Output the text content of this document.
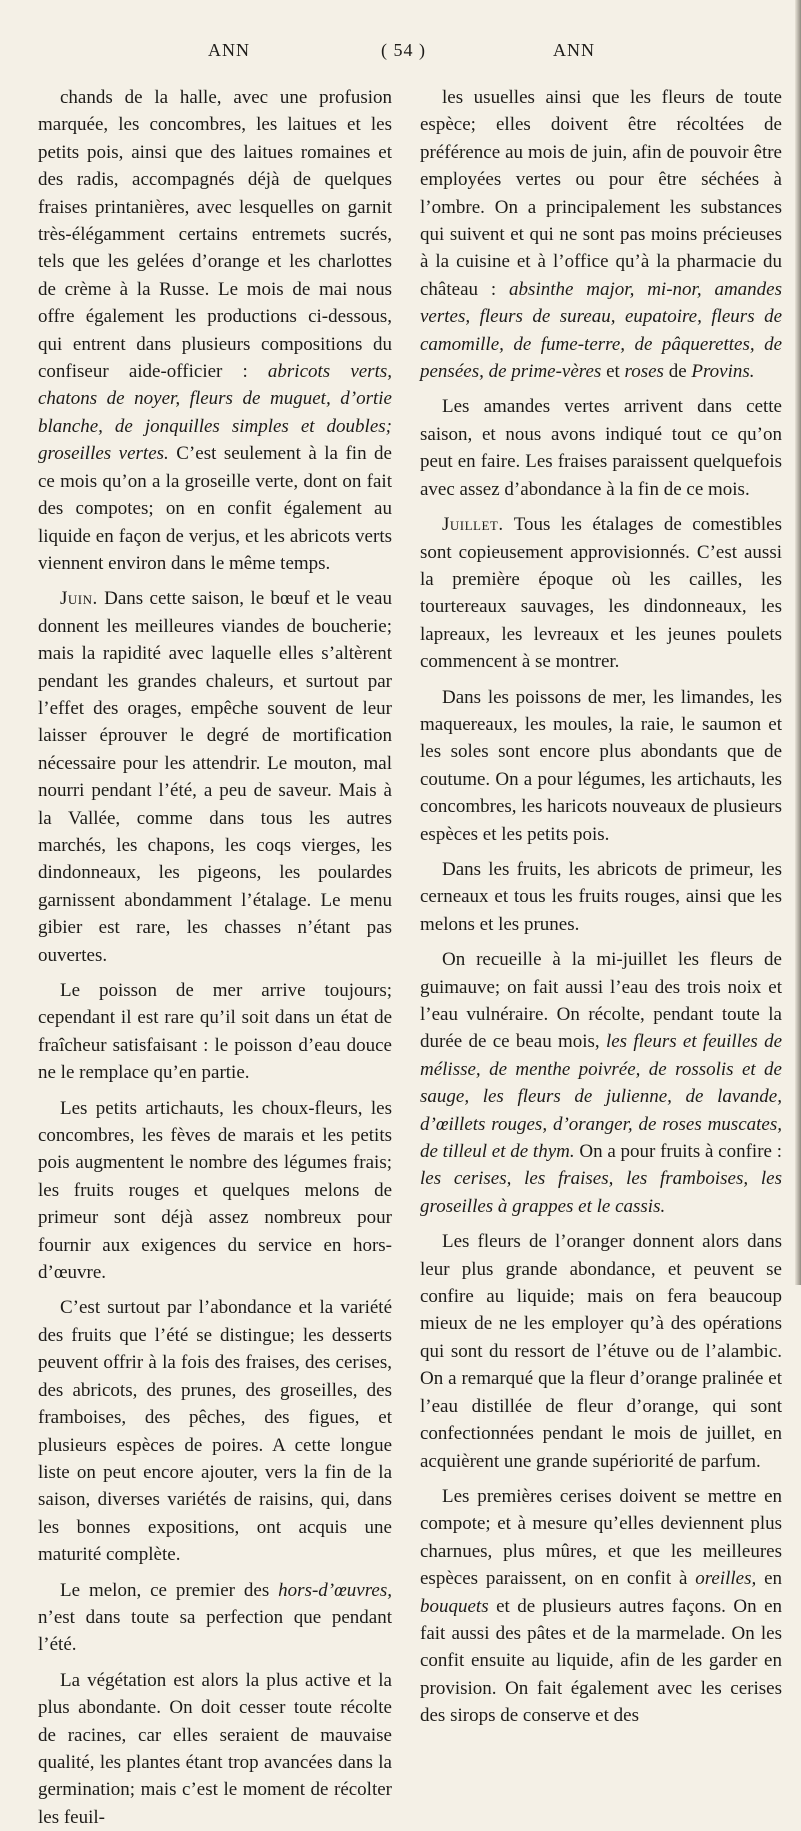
ANN	( 54 )	ANN

chands de la halle, avec une profusion marquée, les concombres, les laitues et les petits pois, ainsi que des laitues romaines et des radis, accompagnés déjà de quelques fraises printanières, avec lesquelles on garnit très-élégamment certains entremets sucrés, tels que les gelées d’orange et les charlottes de crème à la Russe. Le mois de mai nous offre également les productions ci-dessous, qui entrent dans plusieurs compositions du confiseur aide-officier : abricots verts, chatons de noyer, fleurs de muguet, d’ortie blanche, de jonquilles simples et doubles; groseilles vertes. C’est seulement à la fin de ce mois qu’on a la groseille verte, dont on fait des compotes; on en confit également au liquide en façon de verjus, et les abricots verts viennent environ dans le même temps.

Juin. Dans cette saison, le bœuf et le veau donnent les meilleures viandes de boucherie; mais la rapidité avec laquelle elles s’altèrent pendant les grandes chaleurs, et surtout par l’effet des orages, empêche souvent de leur laisser éprouver le degré de mortification nécessaire pour les attendrir. Le mouton, mal nourri pendant l’été, a peu de saveur. Mais à la Vallée, comme dans tous les autres marchés, les chapons, les coqs vierges, les dindonneaux, les pigeons, les poulardes garnissent abondamment l’étalage. Le menu gibier est rare, les chasses n’étant pas ouvertes.

Le poisson de mer arrive toujours; cependant il est rare qu’il soit dans un état de fraîcheur satisfaisant : le poisson d’eau douce ne le remplace qu’en partie.

Les petits artichauts, les choux-fleurs, les concombres, les fèves de marais et les petits pois augmentent le nombre des légumes frais; les fruits rouges et quelques melons de primeur sont déjà assez nombreux pour fournir aux exigences du service en hors-d’œuvre.

C’est surtout par l’abondance et la variété des fruits que l’été se distingue; les desserts peuvent offrir à la fois des fraises, des cerises, des abricots, des prunes, des groseilles, des framboises, des pêches, des figues, et plusieurs espèces de poires. A cette longue liste on peut encore ajouter, vers la fin de la saison, diverses variétés de raisins, qui, dans les bonnes expositions, ont acquis une maturité complète.

Le melon, ce premier des hors-d’œuvres, n’est dans toute sa perfection que pendant l’été.

La végétation est alors la plus active et la plus abondante. On doit cesser toute récolte de racines, car elles seraient de mauvaise qualité, les plantes étant trop avancées dans la germination; mais c’est le moment de récolter les feuil-

les usuelles ainsi que les fleurs de toute espèce; elles doivent être récoltées de préférence au mois de juin, afin de pouvoir être employées vertes ou pour être séchées à l’ombre. On a principalement les substances qui suivent et qui ne sont pas moins précieuses à la cuisine et à l’office qu’à la pharmacie du château : absinthe major, mi-nor, amandes vertes, fleurs de sureau, eupatoire, fleurs de camomille, de fume-terre, de pâquerettes, de pensées, de prime-vères et roses de Provins.

Les amandes vertes arrivent dans cette saison, et nous avons indiqué tout ce qu’on peut en faire. Les fraises paraissent quelquefois avec assez d’abondance à la fin de ce mois.

Juillet. Tous les étalages de comestibles sont copieusement approvisionnés. C’est aussi la première époque où les cailles, les tourtereaux sauvages, les dindonneaux, les lapreaux, les levreaux et les jeunes poulets commencent à se montrer.

Dans les poissons de mer, les limandes, les maquereaux, les moules, la raie, le saumon et les soles sont encore plus abondants que de coutume. On a pour légumes, les artichauts, les concombres, les haricots nouveaux de plusieurs espèces et les petits pois.

Dans les fruits, les abricots de primeur, les cerneaux et tous les fruits rouges, ainsi que les melons et les prunes.

On recueille à la mi-juillet les fleurs de guimauve; on fait aussi l’eau des trois noix et l’eau vulnéraire. On récolte, pendant toute la durée de ce beau mois, les fleurs et feuilles de mélisse, de menthe poivrée, de rossolis et de sauge, les fleurs de julienne, de lavande, d’œillets rouges, d’oranger, de roses muscates, de tilleul et de thym. On a pour fruits à confire : les cerises, les fraises, les framboises, les groseilles à grappes et le cassis.

Les fleurs de l’oranger donnent alors dans leur plus grande abondance, et peuvent se confire au liquide; mais on fera beaucoup mieux de ne les employer qu’à des opérations qui sont du ressort de l’étuve ou de l’alambic. On a remarqué que la fleur d’orange pralinée et l’eau distillée de fleur d’orange, qui sont confectionnées pendant le mois de juillet, en acquièrent une grande supériorité de parfum.

Les premières cerises doivent se mettre en compote; et à mesure qu’elles deviennent plus charnues, plus mûres, et que les meilleures espèces paraissent, on en confit à oreilles, en bouquets et de plusieurs autres façons. On en fait aussi des pâtes et de la marmelade. On les confit ensuite au liquide, afin de les garder en provision. On fait également avec les cerises des sirops de conserve et des
